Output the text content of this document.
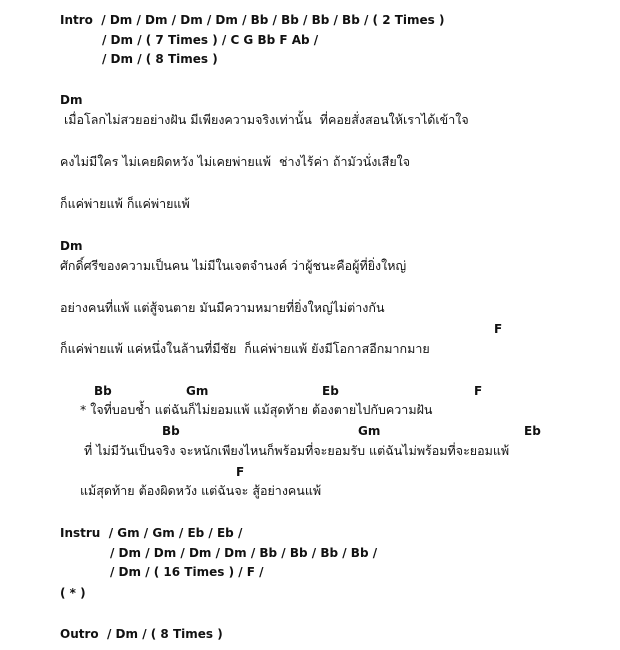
Intro  / Dm / Dm / Dm / Dm / Bb / Bb / Bb / Bb / ( 2 Times )
/ Dm / ( 7 Times ) / C G Bb F Ab /
/ Dm / ( 8 Times )
Dm
เมื่อโลกไม่สวยอย่างฝัน มีเพียงความจริงเท่านั้น  ที่คอยสั่งสอนให้เราได้เข้าใจ
คงไม่มีใคร ไม่เคยผิดหวัง ไม่เคยพ่ายแพ้  ช่างไร้ค่า ถ้ามัวนั่งเสียใจ
ก็แค่พ่ายแพ้ ก็แค่พ่ายแพ้
Dm
ศักดิ์ศรีของความเป็นคน ไม่มีในเจตจำนงค์ ว่าผู้ชนะคือผู้ที่ยิ่งใหญ่
อย่างคนที่แพ้ แต่สู้จนตาย มันมีความหมายที่ยิ่งใหญ่ไม่ต่างกัน
F
ก็แค่พ่ายแพ้ แค่หนึ่งในล้านที่มีชัย  ก็แค่พ่ายแพ้ ยังมีโอกาสอีกมากมาย
Bb	Gm	Eb	F
* ใจที่บอบช้ำ แต่ฉันก็ไม่ยอมแพ้ แม้สุดท้าย ต้องตายไปกับความฝัน
Bb	Gm	Eb
ที่ ไม่มีวันเป็นจริง จะหนักเพียงไหนก็พร้อมที่จะยอมรับ แต่ฉันไม่พร้อมที่จะยอมแพ้
F
แม้สุดท้าย ต้องผิดหวัง แต่ฉันจะ สู้อย่างคนแพ้
Instru  / Gm / Gm / Eb / Eb /
/ Dm / Dm / Dm / Dm / Bb / Bb / Bb / Bb /
/ Dm / ( 16 Times ) / F /
( * )
Outro  / Dm / ( 8 Times )
